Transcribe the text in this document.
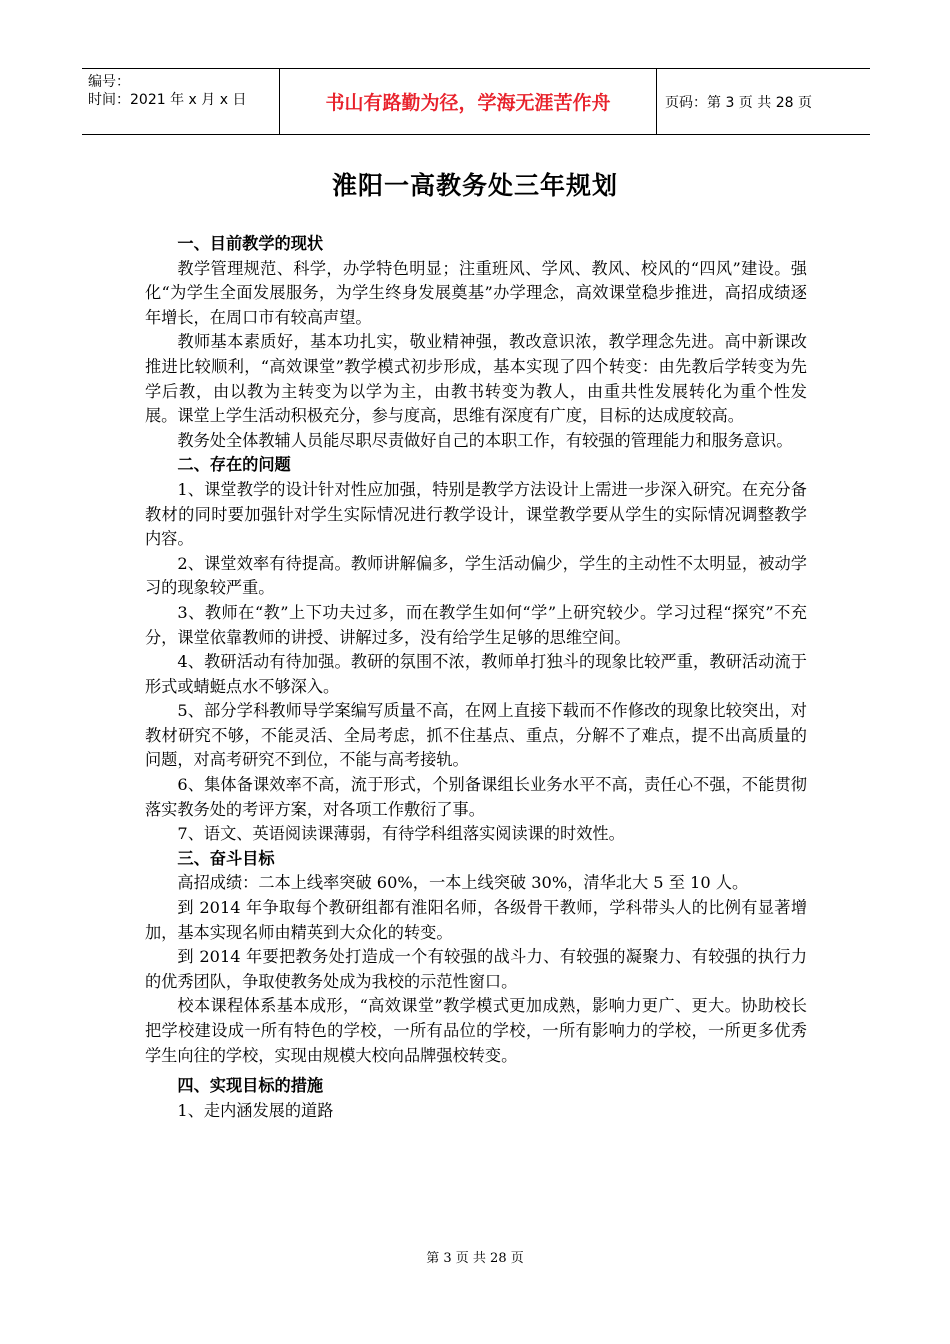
编号：
时间：2021 年 x 月 x 日	书山有路勤为径，学海无涯苦作舟	页码：第 3 页 共 28 页
淮阳一高教务处三年规划
一、目前教学的现状

教学管理规范、科学，办学特色明显；注重班风、学风、教风、校风的“四风”建设。强化“为学生全面发展服务，为学生终身发展奠基”办学理念，高效课堂稳步推进，高招成绩逐年增长，在周口市有较高声望。

教师基本素质好，基本功扎实，敬业精神强，教改意识浓，教学理念先进。高中新课改推进比较顺利，“高效课堂”教学模式初步形成，基本实现了四个转变：由先教后学转变为先学后教，由以教为主转变为以学为主，由教书转变为教人，由重共性发展转化为重个性发展。课堂上学生活动积极充分，参与度高，思维有深度有广度，目标的达成度较高。

教务处全体教辅人员能尽职尽责做好自己的本职工作，有较强的管理能力和服务意识。

二、存在的问题

1、课堂教学的设计针对性应加强，特别是教学方法设计上需进一步深入研究。在充分备教材的同时要加强针对学生实际情况进行教学设计，课堂教学要从学生的实际情况调整教学内容。

2、课堂效率有待提高。教师讲解偏多，学生活动偏少，学生的主动性不太明显，被动学习的现象较严重。

3、教师在“教”上下功夫过多，而在教学生如何“学”上研究较少。学习过程“探究”不充分，课堂依靠教师的讲授、讲解过多，没有给学生足够的思维空间。

4、教研活动有待加强。教研的氛围不浓，教师单打独斗的现象比较严重，教研活动流于形式或蜻蜓点水不够深入。

5、部分学科教师导学案编写质量不高，在网上直接下载而不作修改的现象比较突出，对教材研究不够，不能灵活、全局考虑，抓不住基点、重点，分解不了难点，提不出高质量的问题，对高考研究不到位，不能与高考接轨。

6、集体备课效率不高，流于形式，个别备课组长业务水平不高，责任心不强，不能贯彻落实教务处的考评方案，对各项工作敷衍了事。

7、语文、英语阅读课薄弱，有待学科组落实阅读课的时效性。

三、奋斗目标

高招成绩：二本上线率突破 60%，一本上线突破 30%，清华北大 5 至 10 人。

到 2014 年争取每个教研组都有淮阳名师，各级骨干教师，学科带头人的比例有显著增加，基本实现名师由精英到大众化的转变。

到 2014 年要把教务处打造成一个有较强的战斗力、有较强的凝聚力、有较强的执行力的优秀团队，争取使教务处成为我校的示范性窗口。

校本课程体系基本成形，“高效课堂”教学模式更加成熟，影响力更广、更大。协助校长把学校建设成一所有特色的学校，一所有品位的学校，一所有影响力的学校，一所更多优秀学生向往的学校，实现由规模大校向品牌强校转变。

四、实现目标的措施

1、走内涵发展的道路

第 3 页 共 28 页
